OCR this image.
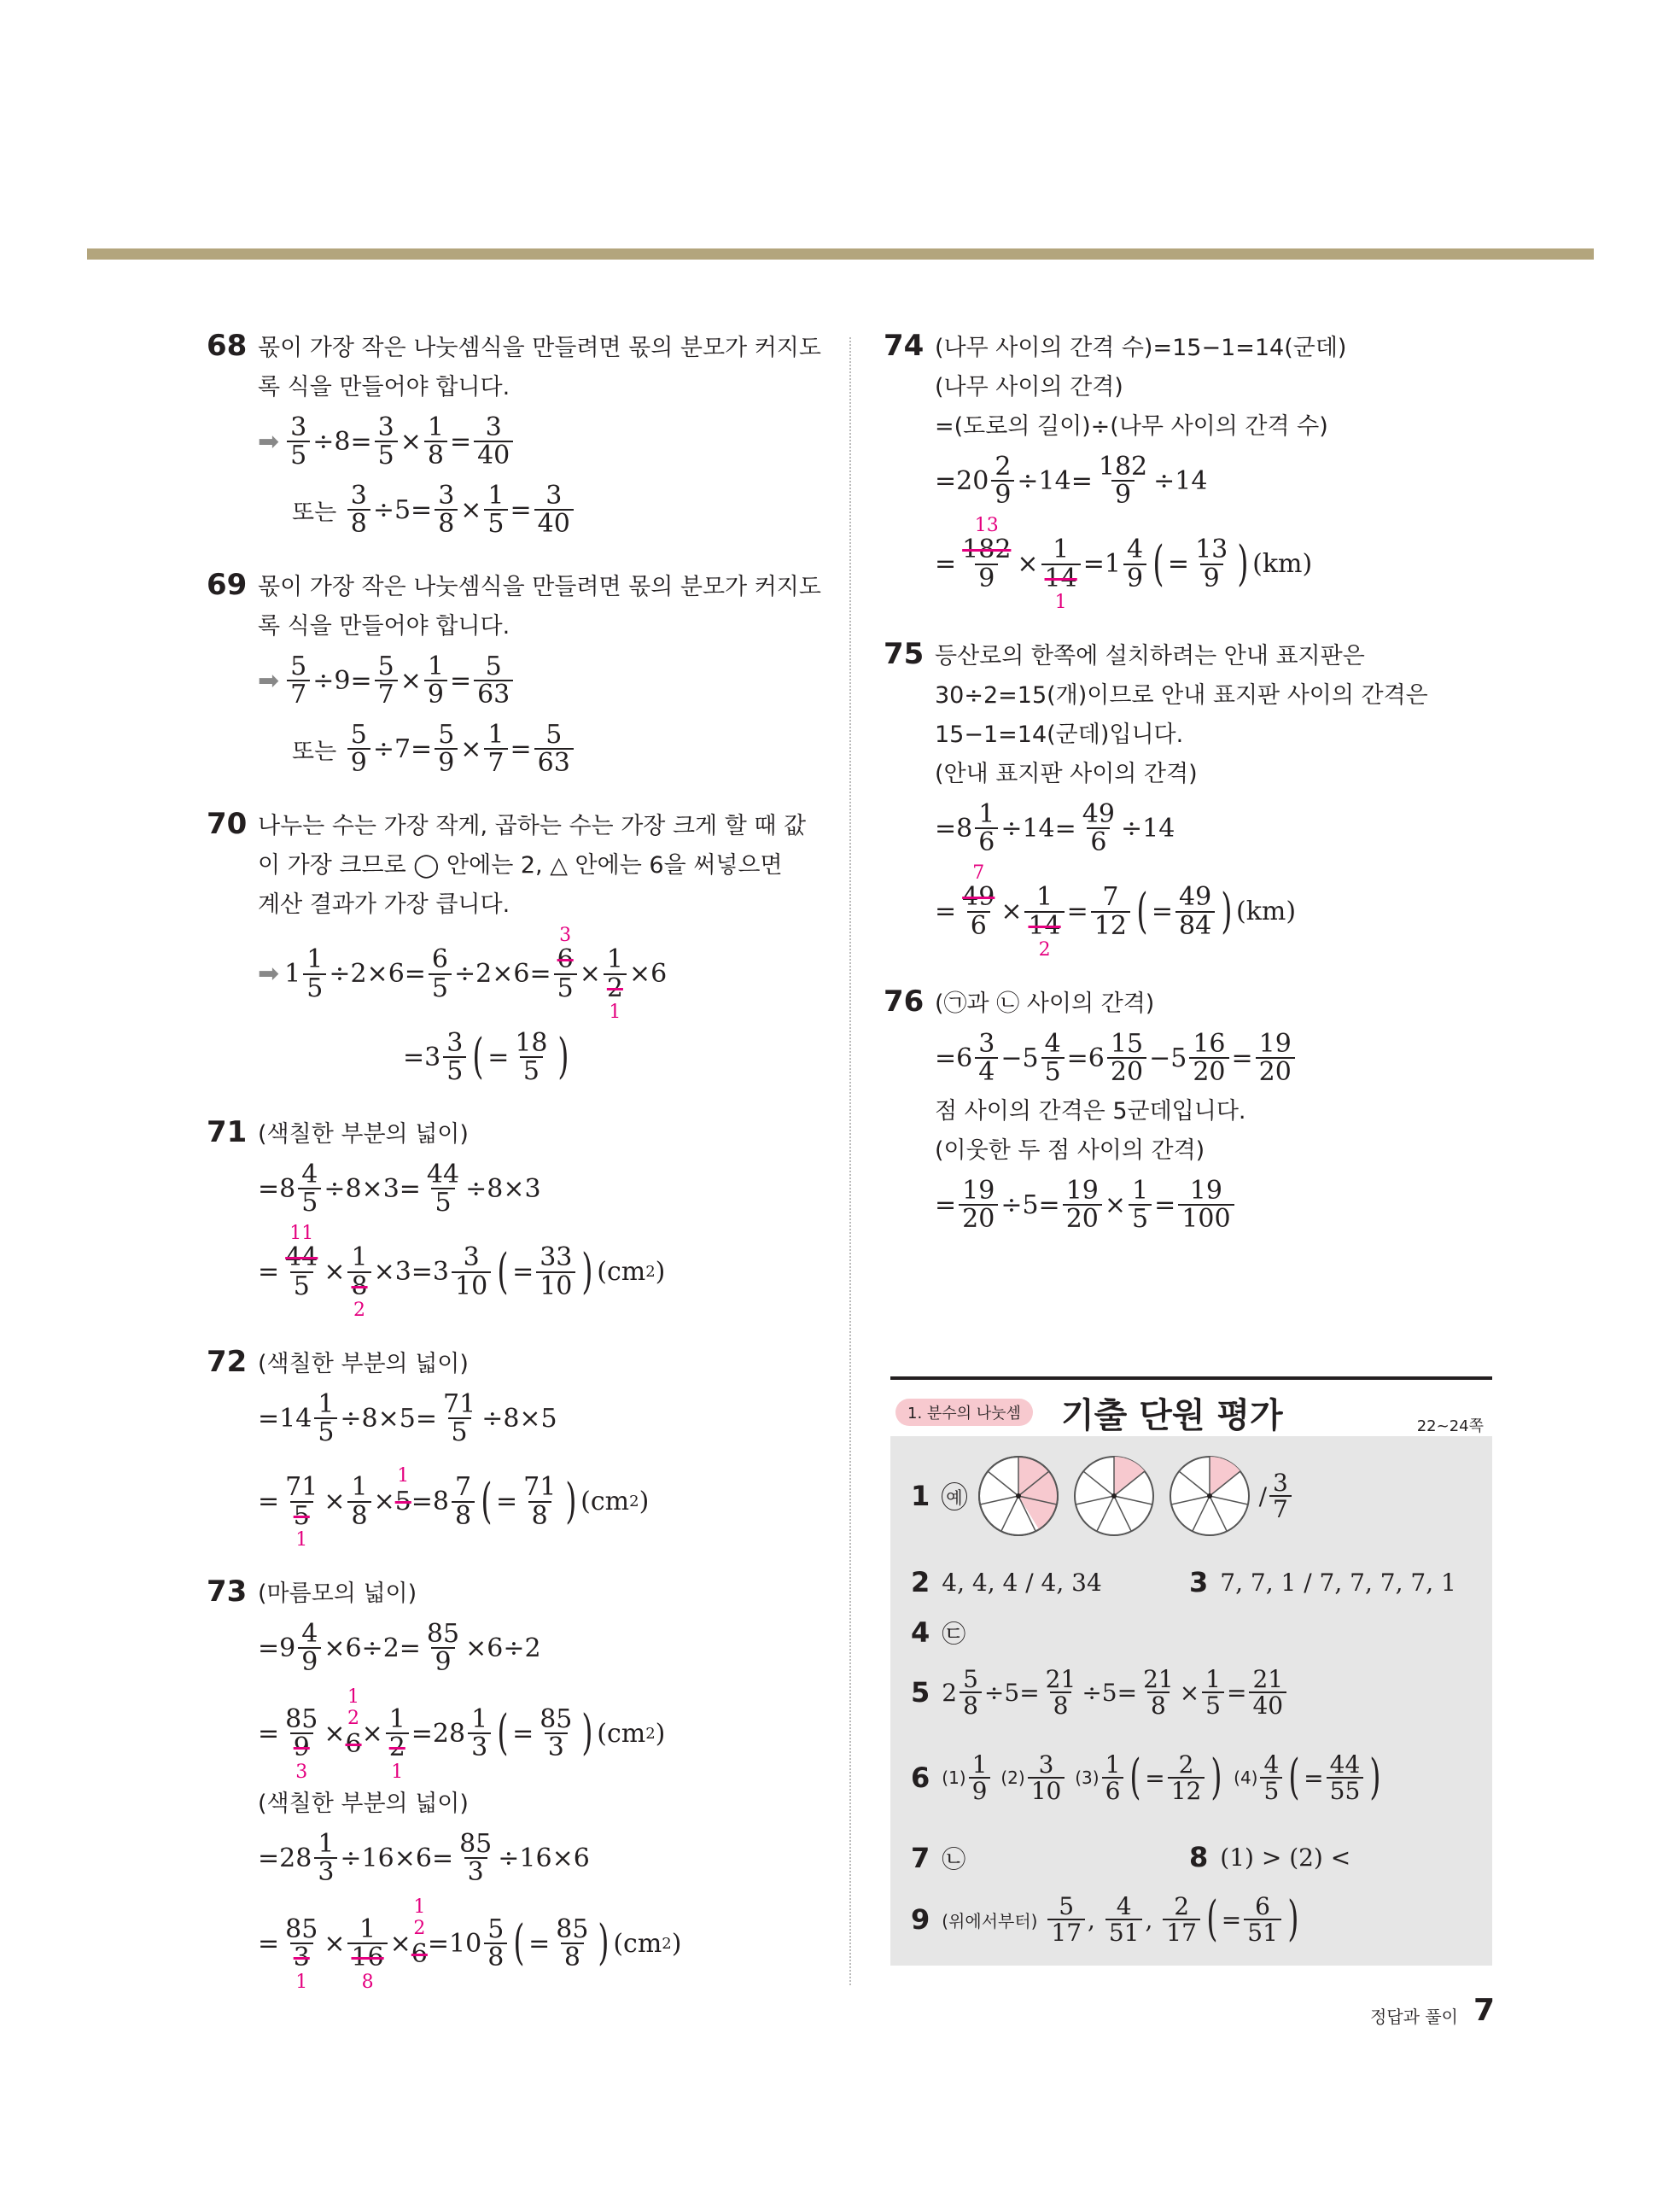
68 몫이 가장 작은 나눗셈식을 만들려면 몫의 분모가 커지도
록 식을 만들어야 합니다.
➡ 3
5 ÷8= 3
5 × 1
8 = 3
40
또는

3
8 ÷5= 3
8 × 1
5 = 3
40
69 몫이 가장 작은 나눗셈식을 만들려면 몫의 분모가 커지도
록 식을 만들어야 합니다.
➡ 5
7 ÷9= 5
7 × 1
9 = 5
63
또는

5
9 ÷7= 5
9 × 1
7 = 5
63
70 나누는 수는 가장 작게, 곱하는 수는 가장 크게 할 때 값
이 가장 크므로 ◯ 안에는 2, △ 안에는 6을 써넣으면
계산 결과가 가장 큽니다.
➡ 1 1
5 ÷2×6= 6
5 ÷2×6=
3
6
5
×
1
2
1
×6
=3 3
5 ( = 18
5 )
71 (색칠한 부분의 넓이)
=8 4
5 ÷8×3= 44
5 ÷8×3
=
11
44
5
×
1
8
2
×3=3 3
10 ( = 33
10 ) (cm 2 )
72 (색칠한 부분의 넓이)
=14 1
5 ÷8×5= 71
5 ÷8×5
=
71
5
1
× 1
8 ×
1
5
=8 7
8 ( = 71
8 ) (cm 2 )
73 (마름모의 넓이)
=9 4
9 ×6÷2= 85
9 ×6÷2
=
85
9
3
×
1
2
6
×
1
2
1
=28 1
3 ( = 85
3 ) (cm 2 )
(색칠한 부분의 넓이)
=28 1
3 ÷16×6= 85
3 ÷16×6
=
85
3
1
×
1
16
8
×
1
2
6
=10 5
8 ( = 85
8 ) (cm 2 )
74 (나무 사이의 간격 수)=15−1=14(군데)
(나무 사이의 간격)
=(도로의 길이)÷(나무 사이의 간격 수)
=20 2
9 ÷14= 182
9 ÷14
=
13
182
9
×
1
14
1
=1 4
9 ( = 13
9 ) (km)
75 등산로의 한쪽에 설치하려는 안내 표지판은
30÷2=15(개)이므로 안내 표지판 사이의 간격은
15−1=14(군데)입니다.
(안내 표지판 사이의 간격)
=8 1
6 ÷14= 49
6 ÷14
=
7
49
6
×
1
14
2
= 7
12 ( = 49
84 ) (km)
76 (㉠과 ㉡ 사이의 간격)
=6 3
4 −5 4
5 =6 15
20 −5 16
20 = 19
20
점 사이의 간격은 5군데입니다.
(이웃한 두 점 사이의 간격)
= 19
20 ÷5= 19
20 × 1
5 = 19
100
1 예	/ 3
7
2 4, 4, 4 / 4, 34	3 7, 7, 1 / 7, 7, 7, 7, 1
4 ㉢
5 2 5
8 ÷5= 21
8 ÷5= 21
8 × 1
5 = 21
40
6 (1) 1
9
(2) 3
10
(3) 1
6 ( = 2
12 )
(4) 4
5 ( = 44
55 )
7 ㉡	8 (1) > (2) <
9 (위에서부터)

5
17 , 4
51 , 2
17 ( = 6
51 )
1. 분수의 나눗셈	기출 단원 평가	22~24쪽
정답과 풀이 7
